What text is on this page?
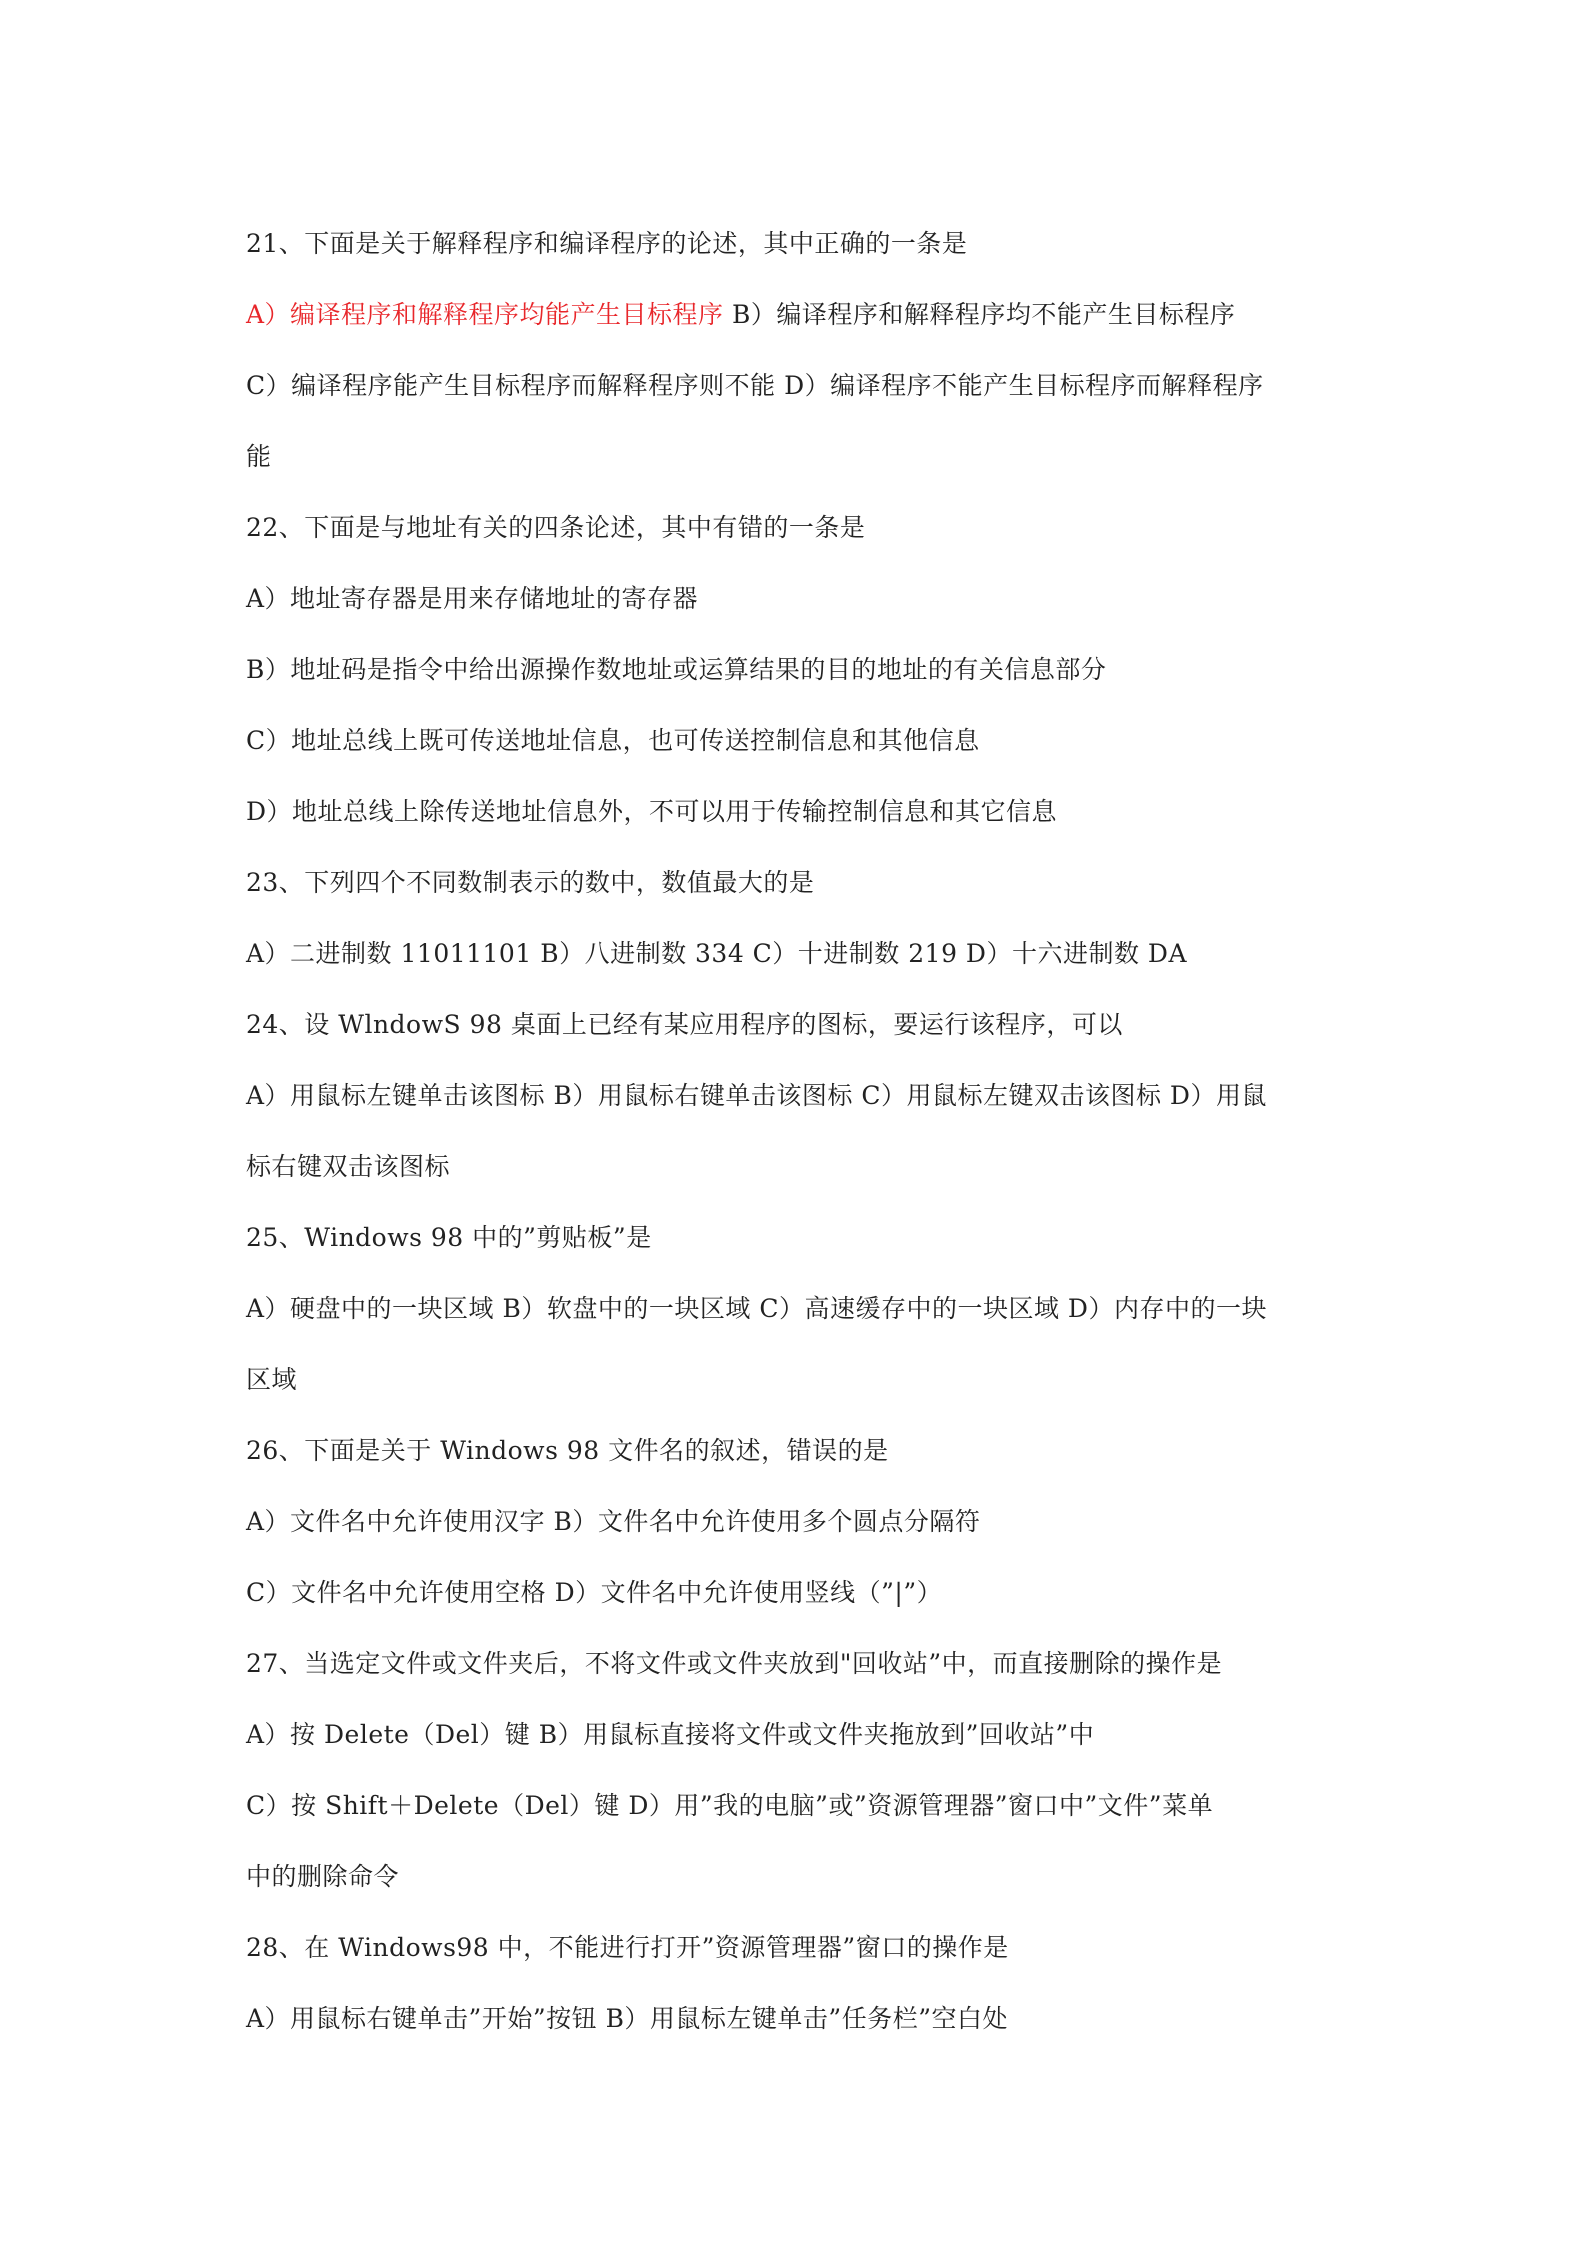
21、下面是关于解释程序和编译程序的论述，其中正确的一条是
A）编译程序和解释程序均能产生目标程序 B）编译程序和解释程序均不能产生目标程序
C）编译程序能产生目标程序而解释程序则不能 D）编译程序不能产生目标程序而解释程序
能
22、下面是与地址有关的四条论述，其中有错的一条是
A）地址寄存器是用来存储地址的寄存器
B）地址码是指令中给出源操作数地址或运算结果的目的地址的有关信息部分
C）地址总线上既可传送地址信息，也可传送控制信息和其他信息
D）地址总线上除传送地址信息外，不可以用于传输控制信息和其它信息
23、下列四个不同数制表示的数中，数值最大的是
A）二进制数 11011101 B）八进制数 334 C）十进制数 219 D）十六进制数 DA
24、设 WlndowS 98 桌面上已经有某应用程序的图标，要运行该程序，可以
A）用鼠标左键单击该图标 B）用鼠标右键单击该图标 C）用鼠标左键双击该图标 D）用鼠
标右键双击该图标
25、Windows 98 中的”剪贴板”是
A）硬盘中的一块区域 B）软盘中的一块区域 C）高速缓存中的一块区域 D）内存中的一块
区域
26、下面是关于 Windows 98 文件名的叙述，错误的是
A）文件名中允许使用汉字 B）文件名中允许使用多个圆点分隔符
C）文件名中允许使用空格 D）文件名中允许使用竖线（”|”）
27、当选定文件或文件夹后，不将文件或文件夹放到"回收站”中，而直接删除的操作是
A）按 Delete（Del）键 B）用鼠标直接将文件或文件夹拖放到”回收站”中
C）按 Shift＋Delete（Del）键 D）用”我的电脑”或”资源管理器”窗口中”文件”菜单
中的删除命令
28、在 Windows98 中，不能进行打开”资源管理器”窗口的操作是
A）用鼠标右键单击”开始”按钮 B）用鼠标左键单击”任务栏”空白处
